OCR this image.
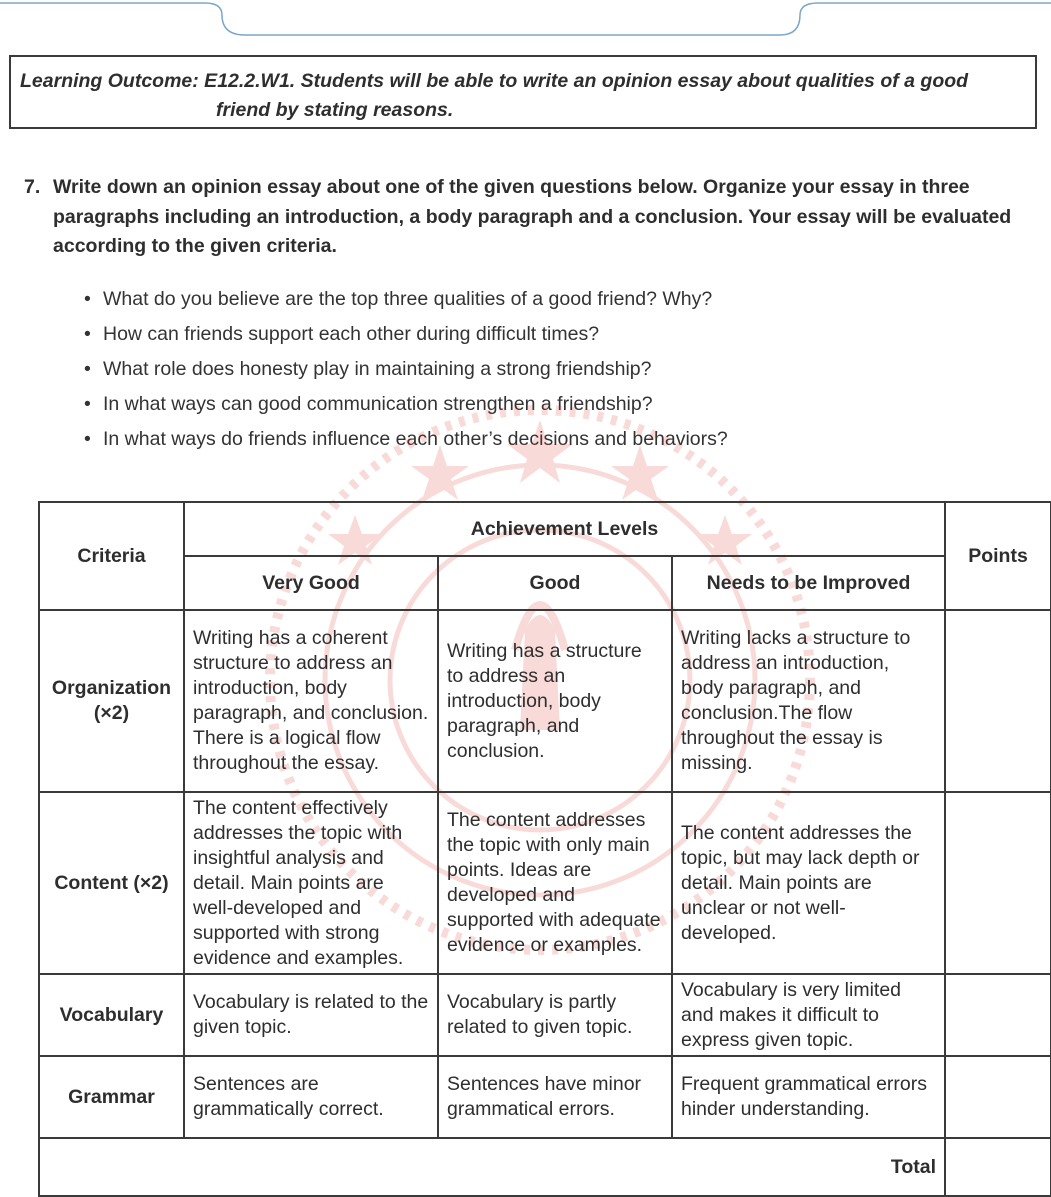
Learning Outcome: E12.2.W1. Students will be able to write an opinion essay about qualities of a good
friend by stating reasons.
7. Write down an opinion essay about one of the given questions below. Organize your essay in three paragraphs including an introduction, a body paragraph and a conclusion. Your essay will be evaluated according to the given criteria.
• What do you believe are the top three qualities of a good friend? Why?
• How can friends support each other during difficult times?
• What role does honesty play in maintaining a strong friendship?
• In what ways can good communication strengthen a friendship?
• In what ways do friends influence each other’s decisions and behaviors?
Criteria	Achievement Levels			Points
	Very Good	Good	Needs to be Improved	
Organization (×2)	Writing has a coherent structure to address an introduction, body paragraph, and conclusion. There is a logical flow throughout the essay.	Writing has a structure to address an introduction, body paragraph, and conclusion.	Writing lacks a structure to address an introduction, body paragraph, and conclusion.The flow throughout the essay is missing.	
Content (×2)	The content effectively addresses the topic with insightful analysis and detail. Main points are well-developed and supported with strong evidence and examples.	The content addresses the topic with only main points. Ideas are developed and supported with adequate evidence or examples.	The content addresses the topic, but may lack depth or detail. Main points are unclear or not well-developed.	
Vocabulary	Vocabulary is related to the given topic.	Vocabulary is partly related to given topic.	Vocabulary is very limited and makes it difficult to express given topic.	
Grammar	Sentences are grammatically correct.	Sentences have minor grammatical errors.	Frequent grammatical errors hinder understanding.	
Total				
